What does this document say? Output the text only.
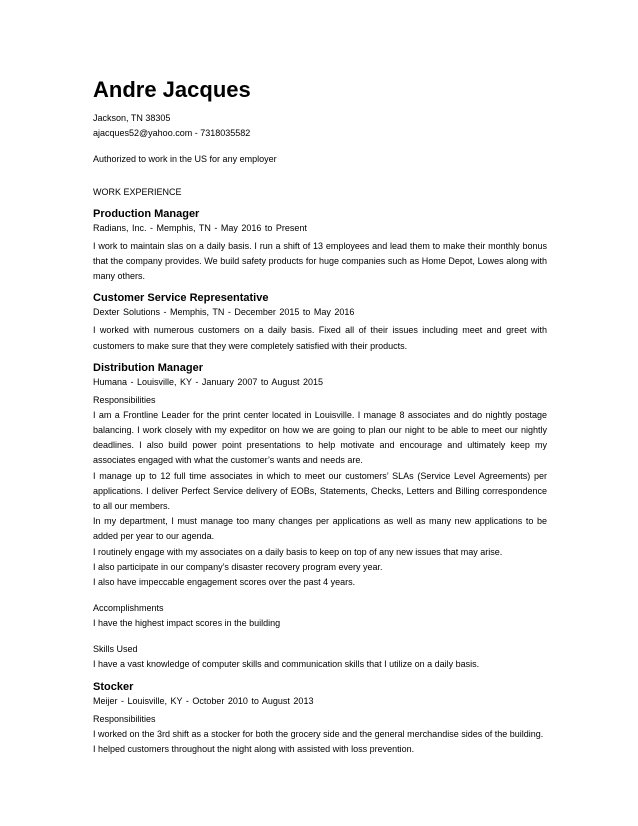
Andre Jacques

Jackson, TN 38305

ajacques52@yahoo.com - 7318035582

Authorized to work in the US for any employer

WORK EXPERIENCE

Production Manager
Radians, Inc. - Memphis, TN - May 2016 to Present

I work to maintain slas on a daily basis. I run a shift of 13 employees and lead them to make their monthly bonus that the company provides. We build safety products for huge companies such as Home Depot, Lowes along with many others.

Customer Service Representative
Dexter Solutions - Memphis, TN - December 2015 to May 2016

I worked with numerous customers on a daily basis. Fixed all of their issues including meet and greet with customers to make sure that they were completely satisfied with their products.

Distribution Manager
Humana - Louisville, KY - January 2007 to August 2015

Responsibilities

I am a Frontline Leader for the print center located in Louisville. I manage 8 associates and do nightly postage balancing. I work closely with my expeditor on how we are going to plan our night to be able to meet our nightly deadlines. I also build power point presentations to help motivate and encourage and ultimately keep my associates engaged with what the customer’s wants and needs are.

I manage up to 12 full time associates in which to meet our customers’ SLAs (Service Level Agreements) per applications. I deliver Perfect Service delivery of EOBs, Statements, Checks, Letters and Billing correspondence to all our members.

In my department, I must manage too many changes per applications as well as many new applications to be added per year to our agenda.

I routinely engage with my associates on a daily basis to keep on top of any new issues that may arise.

I also participate in our company’s disaster recovery program every year.

I also have impeccable engagement scores over the past 4 years.

Accomplishments

I have the highest impact scores in the building

Skills Used

I have a vast knowledge of computer skills and communication skills that I utilize on a daily basis.

Stocker
Meijer - Louisville, KY - October 2010 to August 2013

Responsibilities

I worked on the 3rd shift as a stocker for both the grocery side and the general merchandise sides of the building.

I helped customers throughout the night along with assisted with loss prevention.
